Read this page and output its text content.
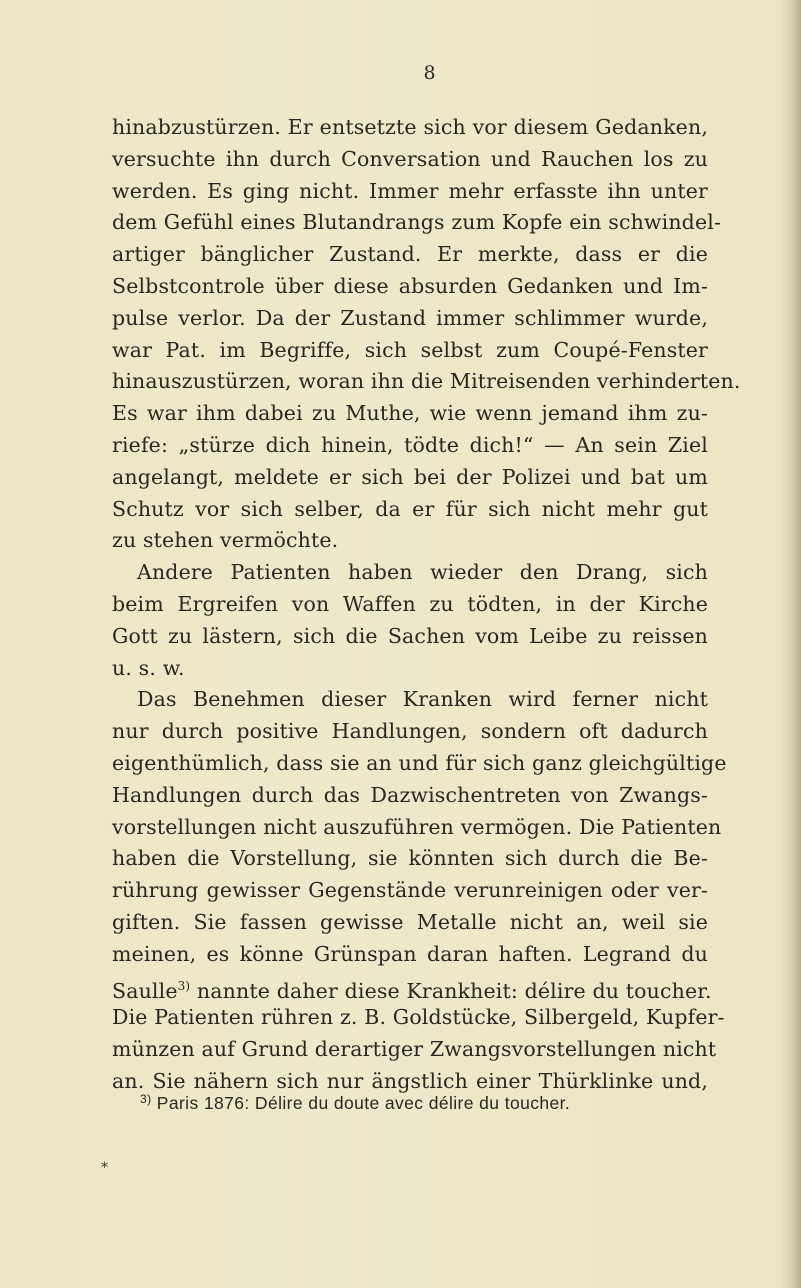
8
hinabzustürzen. Er entsetzte sich vor diesem Gedanken,
versuchte ihn durch Conversation und Rauchen los zu
werden. Es ging nicht. Immer mehr erfasste ihn unter
dem Gefühl eines Blutandrangs zum Kopfe ein schwindel-
artiger bänglicher Zustand. Er merkte, dass er die
Selbstcontrole über diese absurden Gedanken und Im-
pulse verlor. Da der Zustand immer schlimmer wurde,
war Pat. im Begriffe, sich selbst zum Coupé-Fenster
hinauszustürzen, woran ihn die Mitreisenden verhinderten.
Es war ihm dabei zu Muthe, wie wenn jemand ihm zu-
riefe: „stürze dich hinein, tödte dich!“ — An sein Ziel
angelangt, meldete er sich bei der Polizei und bat um
Schutz vor sich selber, da er für sich nicht mehr gut
zu stehen vermöchte.
Andere Patienten haben wieder den Drang, sich
beim Ergreifen von Waffen zu tödten, in der Kirche
Gott zu lästern, sich die Sachen vom Leibe zu reissen
u. s. w.
Das Benehmen dieser Kranken wird ferner nicht
nur durch positive Handlungen, sondern oft dadurch
eigenthümlich, dass sie an und für sich ganz gleichgültige
Handlungen durch das Dazwischentreten von Zwangs-
vorstellungen nicht auszuführen vermögen. Die Patienten
haben die Vorstellung, sie könnten sich durch die Be-
rührung gewisser Gegenstände verunreinigen oder ver-
giften. Sie fassen gewisse Metalle nicht an, weil sie
meinen, es könne Grünspan daran haften. Legrand du
Saulle$^{3)}$ nannte daher diese Krankheit: délire du toucher.
Die Patienten rühren z. B. Goldstücke, Silbergeld, Kupfer-
münzen auf Grund derartiger Zwangsvorstellungen nicht
an. Sie nähern sich nur ängstlich einer Thürklinke und,
$^{3)}$ Paris 1876: Délire du doute avec délire du toucher.
*
